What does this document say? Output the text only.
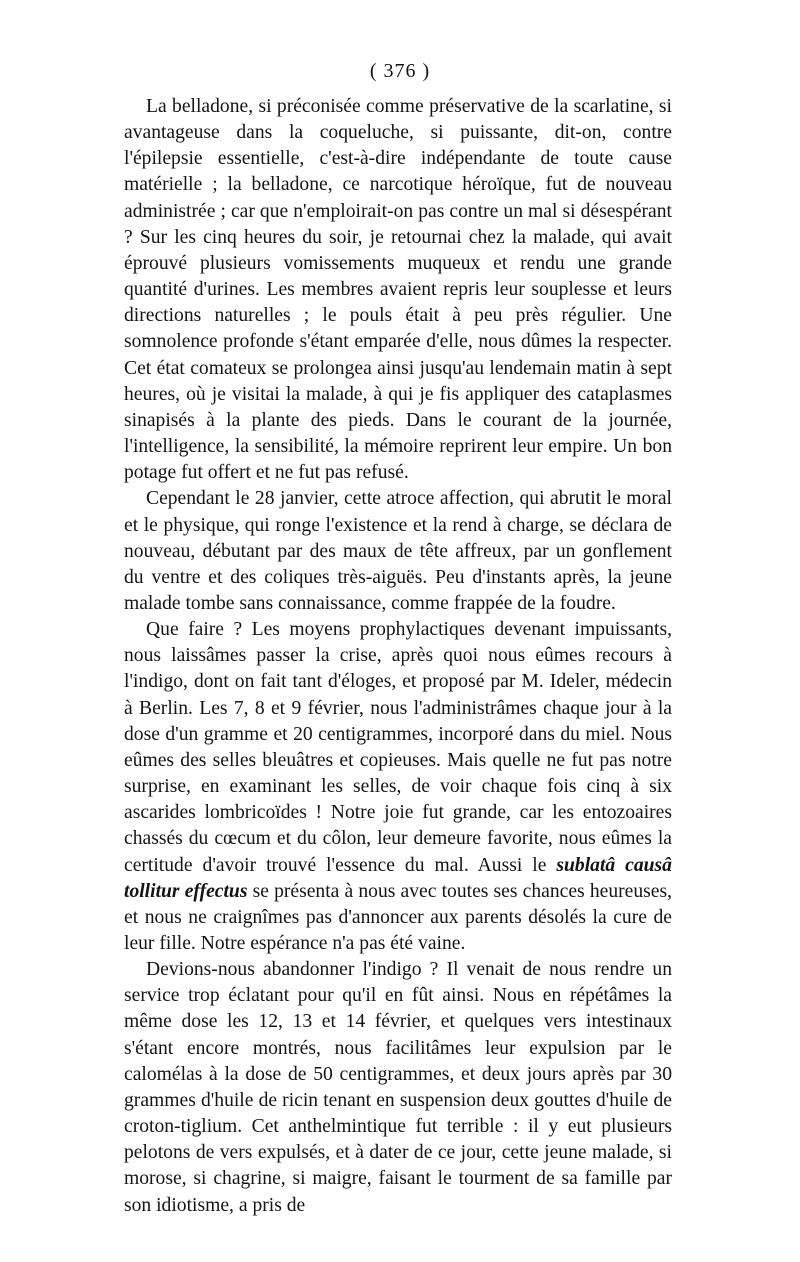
( 376 )

La belladone, si préconisée comme préservative de la scarlatine, si avantageuse dans la coqueluche, si puissante, dit-on, contre l'épilepsie essentielle, c'est-à-dire indépendante de toute cause matérielle ; la belladone, ce narcotique héroïque, fut de nouveau administrée ; car que n'emploirait-on pas contre un mal si désespérant ? Sur les cinq heures du soir, je retournai chez la malade, qui avait éprouvé plusieurs vomissements muqueux et rendu une grande quantité d'urines. Les membres avaient repris leur souplesse et leurs directions naturelles ; le pouls était à peu près régulier. Une somnolence profonde s'étant emparée d'elle, nous dûmes la respecter. Cet état comateux se prolongea ainsi jusqu'au lendemain matin à sept heures, où je visitai la malade, à qui je fis appliquer des cataplasmes sinapisés à la plante des pieds. Dans le courant de la journée, l'intelligence, la sensibilité, la mémoire reprirent leur empire. Un bon potage fut offert et ne fut pas refusé.

Cependant le 28 janvier, cette atroce affection, qui abrutit le moral et le physique, qui ronge l'existence et la rend à charge, se déclara de nouveau, débutant par des maux de tête affreux, par un gonflement du ventre et des coliques très-aiguës. Peu d'instants après, la jeune malade tombe sans connaissance, comme frappée de la foudre.

Que faire ? Les moyens prophylactiques devenant impuissants, nous laissâmes passer la crise, après quoi nous eûmes recours à l'indigo, dont on fait tant d'éloges, et proposé par M. Ideler, médecin à Berlin. Les 7, 8 et 9 février, nous l'administrâmes chaque jour à la dose d'un gramme et 20 centigrammes, incorporé dans du miel. Nous eûmes des selles bleuâtres et copieuses. Mais quelle ne fut pas notre surprise, en examinant les selles, de voir chaque fois cinq à six ascarides lombricoïdes ! Notre joie fut grande, car les entozoaires chassés du cœcum et du côlon, leur demeure favorite, nous eûmes la certitude d'avoir trouvé l'essence du mal. Aussi le sublatâ causâ tollitur effectus se présenta à nous avec toutes ses chances heureuses, et nous ne craignîmes pas d'annoncer aux parents désolés la cure de leur fille. Notre espérance n'a pas été vaine.

Devions-nous abandonner l'indigo ? Il venait de nous rendre un service trop éclatant pour qu'il en fût ainsi. Nous en répétâmes la même dose les 12, 13 et 14 février, et quelques vers intestinaux s'étant encore montrés, nous facilitâmes leur expulsion par le calomélas à la dose de 50 centigrammes, et deux jours après par 30 grammes d'huile de ricin tenant en suspension deux gouttes d'huile de croton-tiglium. Cet anthelmintique fut terrible : il y eut plusieurs pelotons de vers expulsés, et à dater de ce jour, cette jeune malade, si morose, si chagrine, si maigre, faisant le tourment de sa famille par son idiotisme, a pris de
